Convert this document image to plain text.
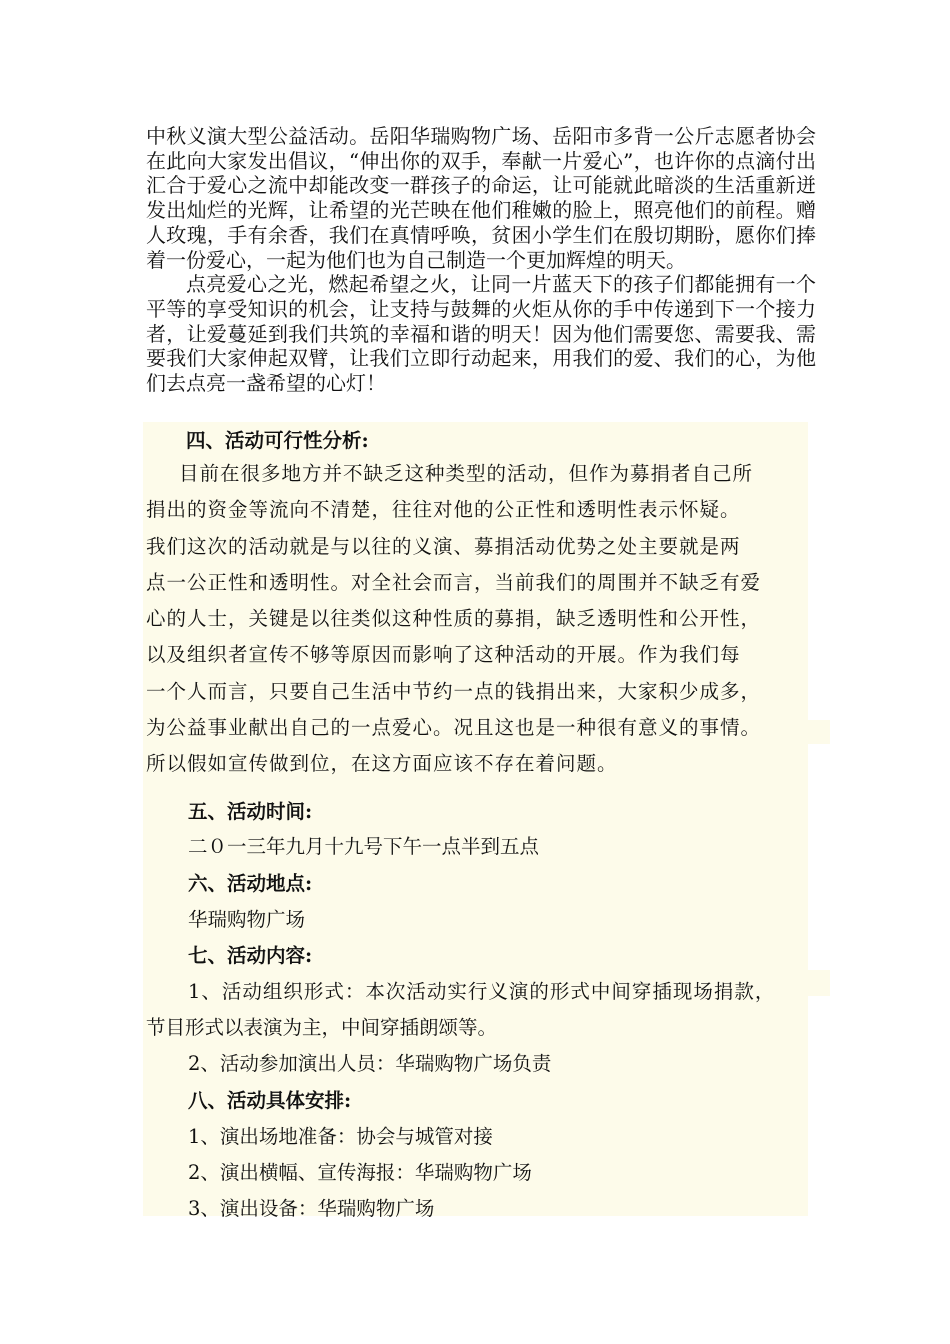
中秋义演大型公益活动。岳阳华瑞购物广场、岳阳市多背一公斤志愿者协会在此向大家发出倡议，“伸出你的双手，奉献一片爱心”，也许你的点滴付出汇合于爱心之流中却能改变一群孩子的命运，让可能就此暗淡的生活重新迸发出灿烂的光辉，让希望的光芒映在他们稚嫩的脸上，照亮他们的前程。赠人玫瑰，手有余香，我们在真情呼唤，贫困小学生们在殷切期盼，愿你们捧着一份爱心，一起为他们也为自己制造一个更加辉煌的明天。

点亮爱心之光，燃起希望之火，让同一片蓝天下的孩子们都能拥有一个平等的享受知识的机会，让支持与鼓舞的火炬从你的手中传递到下一个接力者，让爱蔓延到我们共筑的幸福和谐的明天！因为他们需要您、需要我、需要我们大家伸起双臂，让我们立即行动起来，用我们的爱、我们的心，为他们去点亮一盏希望的心灯！

四、活动可行性分析:
目前在很多地方并不缺乏这种类型的活动，但作为募捐者自己所
捐出的资金等流向不清楚，往往对他的公正性和透明性表示怀疑。
我们这次的活动就是与以往的义演、募捐活动优势之处主要就是两
点一公正性和透明性。对全社会而言，当前我们的周围并不缺乏有爱
心的人士，关键是以往类似这种性质的募捐，缺乏透明性和公开性，
以及组织者宣传不够等原因而影响了这种活动的开展。作为我们每
一个人而言，只要自己生活中节约一点的钱捐出来，大家积少成多，
为公益事业献出自己的一点爱心。况且这也是一种很有意义的事情。
所以假如宣传做到位，在这方面应该不存在着问题。
五、活动时间:
二０一三年九月十九号下午一点半到五点
六、活动地点:
华瑞购物广场
七、活动内容:
1、活动组织形式：本次活动实行义演的形式中间穿插现场捐款，
节目形式以表演为主，中间穿插朗颂等。
2、活动参加演出人员：华瑞购物广场负责
八、活动具体安排:
1、演出场地准备：协会与城管对接
2、演出横幅、宣传海报：华瑞购物广场
3、演出设备：华瑞购物广场
